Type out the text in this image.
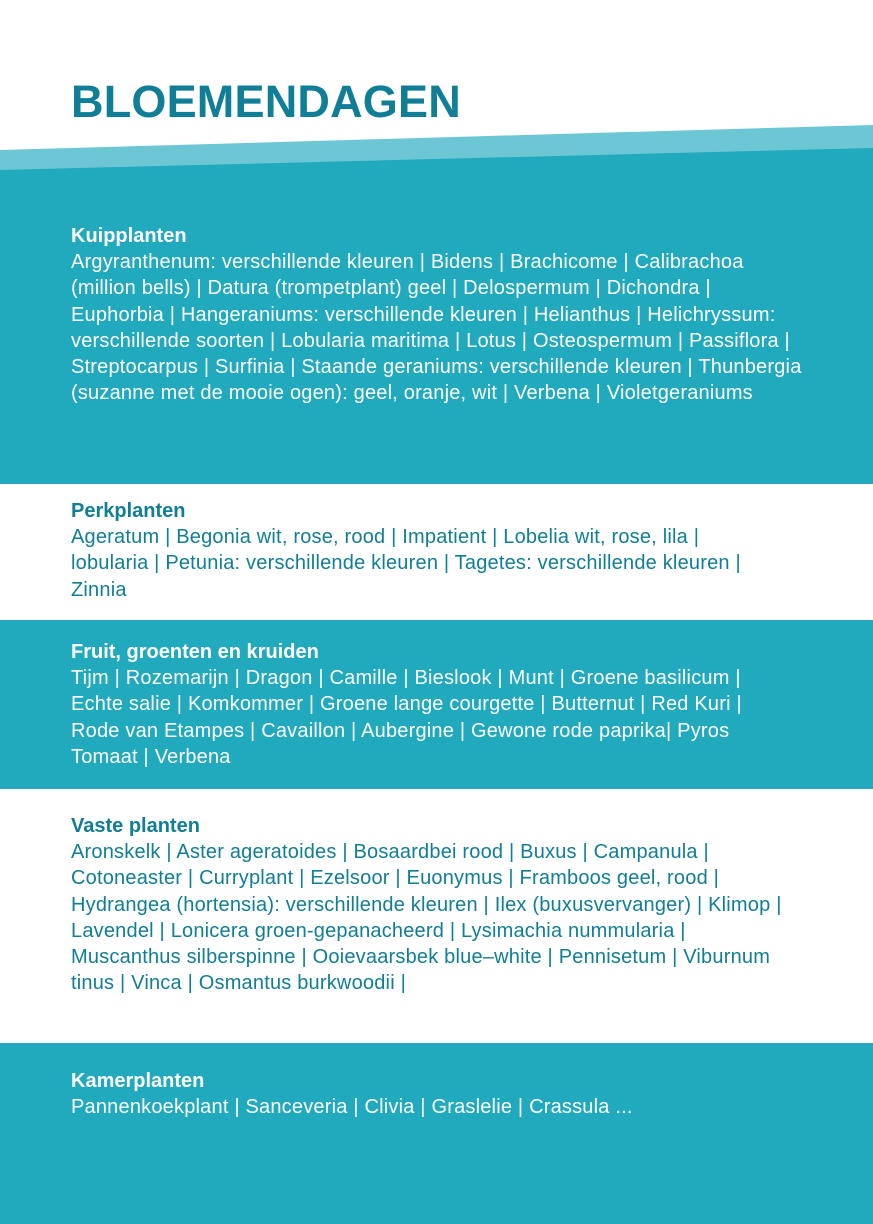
BLOEMENDAGEN
Kuipplanten

Argyranthenum: verschillende kleuren | Bidens | Brachicome | Calibrachoa (million bells) | Datura (trompetplant) geel | Delospermum | Dichondra | Euphorbia | Hangeraniums: verschillende kleuren | Helianthus | Helichryssum: verschillende soorten | Lobularia maritima | Lotus | Osteospermum | Passiflora | Streptocarpus | Surfinia | Staande geraniums: verschillende kleuren | Thunbergia (suzanne met de mooie ogen): geel, oranje, wit | Verbena | Violetgeraniums

Perkplanten

Ageratum | Begonia wit, rose, rood | Impatient | Lobelia wit, rose, lila | lobularia | Petunia: verschillende kleuren | Tagetes: verschillende kleuren | Zinnia

Fruit, groenten en kruiden

Tijm | Rozemarijn | Dragon | Camille | Bieslook | Munt | Groene basilicum | Echte salie | Komkommer | Groene lange courgette | Butternut | Red Kuri | Rode van Etampes | Cavaillon | Aubergine | Gewone rode paprika| Pyros Tomaat | Verbena

Vaste planten

Aronskelk | Aster ageratoides | Bosaardbei rood | Buxus | Campanula | Cotoneaster | Curryplant | Ezelsoor | Euonymus | Framboos geel, rood | Hydrangea (hortensia): verschillende kleuren | Ilex (buxusvervanger) | Klimop | Lavendel | Lonicera groen-gepanacheerd | Lysimachia nummularia | Muscanthus silberspinne | Ooievaarsbek blue–white | Pennisetum | Viburnum tinus | Vinca | Osmantus burkwoodii |

Kamerplanten

Pannenkoekplant | Sanceveria | Clivia | Graslelie | Crassula ...
